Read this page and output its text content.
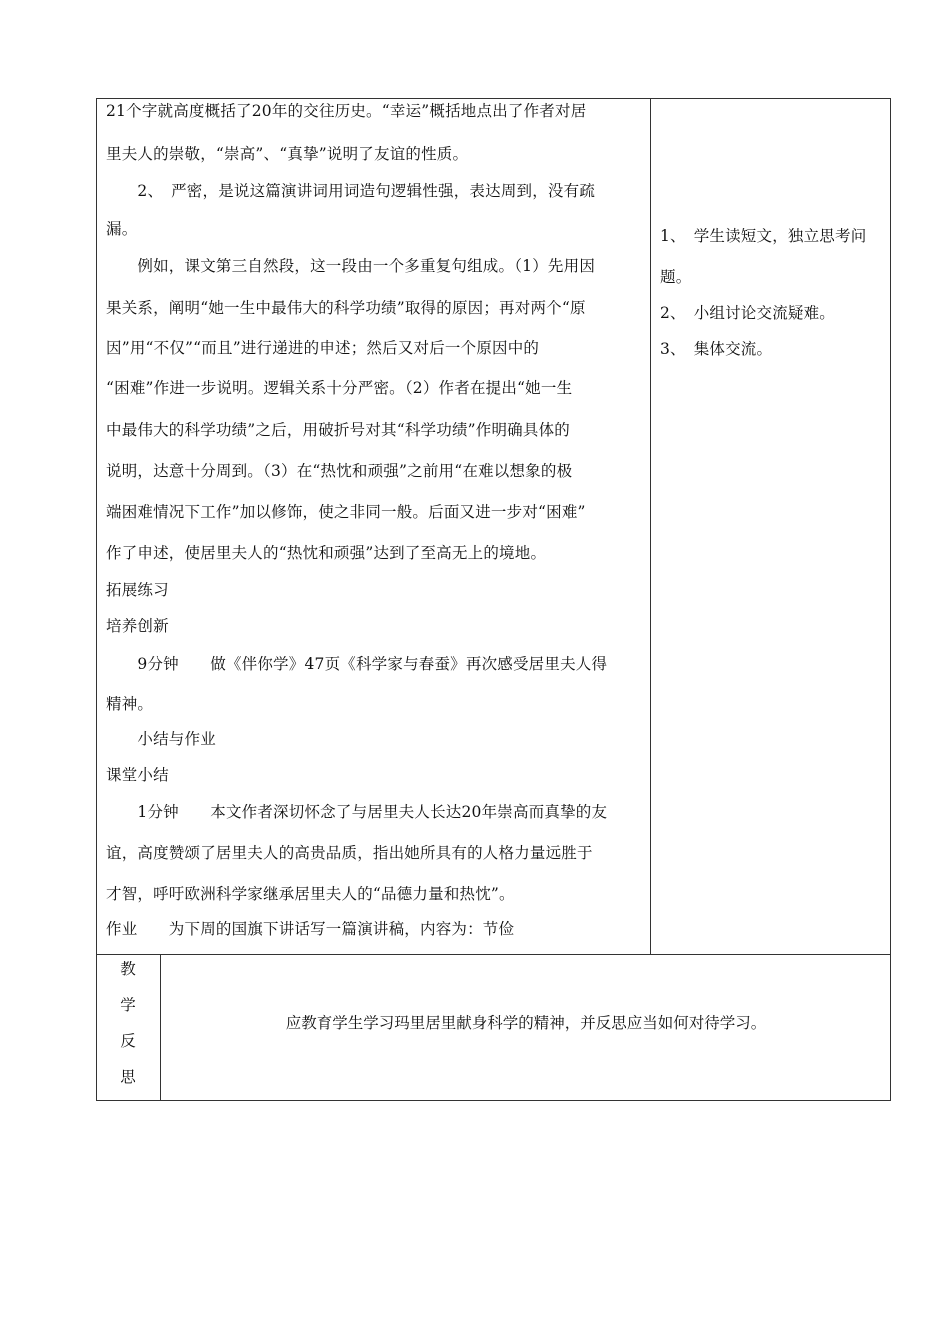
21个字就高度概括了20年的交往历史。“幸运”概括地点出了作者对居
里夫人的崇敬，“崇高”、“真挚”说明了友谊的性质。
　　2、　严密，是说这篇演讲词用词造句逻辑性强，表达周到，没有疏
漏。
　　例如，课文第三自然段，这一段由一个多重复句组成。（1）先用因
果关系，阐明“她一生中最伟大的科学功绩”取得的原因；再对两个“原
因”用“不仅”“而且”进行递进的申述；然后又对后一个原因中的
“困难”作进一步说明。逻辑关系十分严密。（2）作者在提出“她一生
中最伟大的科学功绩”之后，用破折号对其“科学功绩”作明确具体的
说明，达意十分周到。（3）在“热忱和顽强”之前用“在难以想象的极
端困难情况下工作”加以修饰，使之非同一般。后面又进一步对“困难”
作了申述，使居里夫人的“热忱和顽强”达到了至高无上的境地。
拓展练习
培养创新
　　9分钟　　做《伴你学》47页《科学家与春蚕》再次感受居里夫人得
精神。
　　小结与作业
课堂小结
　　1分钟　　本文作者深切怀念了与居里夫人长达20年崇高而真挚的友
谊，高度赞颂了居里夫人的高贵品质，指出她所具有的人格力量远胜于
才智，呼吁欧洲科学家继承居里夫人的“品德力量和热忱”。
作业　　为下周的国旗下讲话写一篇演讲稿，内容为：节俭
1、　学生读短文，独立思考问
题。
2、　小组讨论交流疑难。
3、　集体交流。
教
学
反
思
应教育学生学习玛里居里献身科学的精神，并反思应当如何对待学习。
